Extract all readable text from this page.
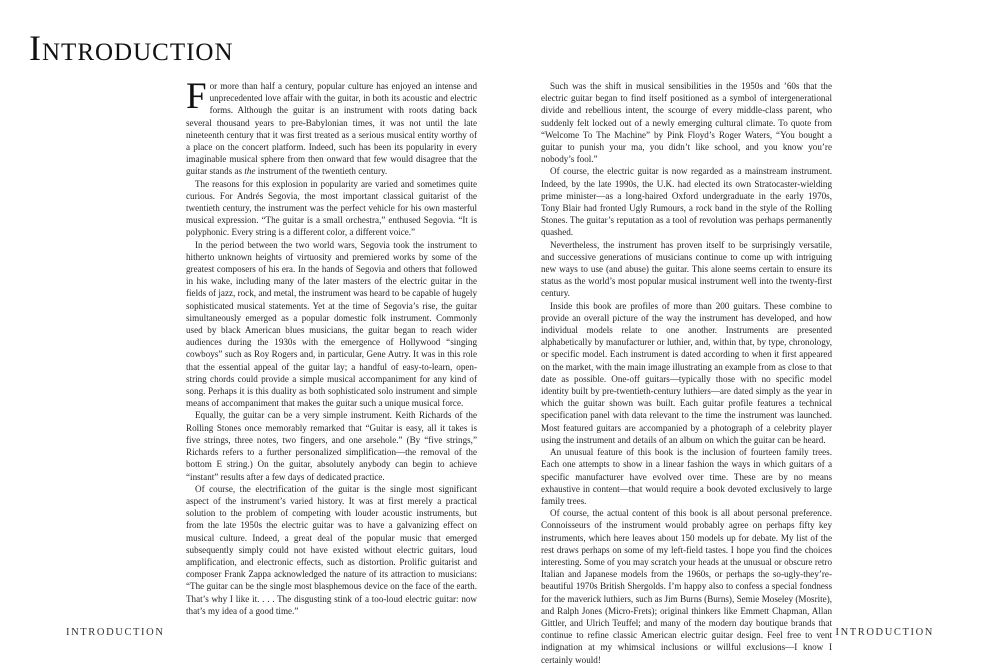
Introduction

For more than half a century, popular culture has enjoyed an intense and unprecedented love affair with the guitar, in both its acoustic and electric forms. Although the guitar is an instrument with roots dating back several thousand years to pre-Babylonian times, it was not until the late nineteenth century that it was first treated as a serious musical entity worthy of a place on the concert platform. Indeed, such has been its popularity in every imaginable musical sphere from then onward that few would disagree that the guitar stands as the instrument of the twentieth century.

The reasons for this explosion in popularity are varied and sometimes quite curious. For Andrés Segovia, the most important classical guitarist of the twentieth century, the instrument was the perfect vehicle for his own masterful musical expression. “The guitar is a small orchestra,” enthused Segovia. “It is polyphonic. Every string is a different color, a different voice.”

In the period between the two world wars, Segovia took the instrument to hitherto unknown heights of virtuosity and premiered works by some of the greatest composers of his era. In the hands of Segovia and others that followed in his wake, including many of the later masters of the electric guitar in the fields of jazz, rock, and metal, the instrument was heard to be capable of hugely sophisticated musical statements. Yet at the time of Segovia’s rise, the guitar simultaneously emerged as a popular domestic folk instrument. Commonly used by black American blues musicians, the guitar began to reach wider audiences during the 1930s with the emergence of Hollywood “singing cowboys” such as Roy Rogers and, in particular, Gene Autry. It was in this role that the essential appeal of the guitar lay; a handful of easy-to-learn, open-string chords could provide a simple musical accompaniment for any kind of song. Perhaps it is this duality as both sophisticated solo instrument and simple means of accompaniment that makes the guitar such a unique musical force.

Equally, the guitar can be a very simple instrument. Keith Richards of the Rolling Stones once memorably remarked that “Guitar is easy, all it takes is five strings, three notes, two fingers, and one arsehole.” (By “five strings,” Richards refers to a further personalized simplification—the removal of the bottom E string.) On the guitar, absolutely anybody can begin to achieve “instant” results after a few days of dedicated practice.

Of course, the electrification of the guitar is the single most significant aspect of the instrument’s varied history. It was at first merely a practical solution to the problem of competing with louder acoustic instruments, but from the late 1950s the electric guitar was to have a galvanizing effect on musical culture. Indeed, a great deal of the popular music that emerged subsequently simply could not have existed without electric guitars, loud amplification, and electronic effects, such as distortion. Prolific guitarist and composer Frank Zappa acknowledged the nature of its attraction to musicians: “The guitar can be the single most blasphemous device on the face of the earth. That’s why I like it. . . . The disgusting stink of a too-loud electric guitar: now that’s my idea of a good time.”

Such was the shift in musical sensibilities in the 1950s and ’60s that the electric guitar began to find itself positioned as a symbol of intergenerational divide and rebellious intent, the scourge of every middle-class parent, who suddenly felt locked out of a newly emerging cultural climate. To quote from “Welcome To The Machine” by Pink Floyd’s Roger Waters, “You bought a guitar to punish your ma, you didn’t like school, and you know you’re nobody’s fool.”

Of course, the electric guitar is now regarded as a mainstream instrument. Indeed, by the late 1990s, the U.K. had elected its own Stratocaster-wielding prime minister—as a long-haired Oxford undergraduate in the early 1970s, Tony Blair had fronted Ugly Rumours, a rock band in the style of the Rolling Stones. The guitar’s reputation as a tool of revolution was perhaps permanently quashed.

Nevertheless, the instrument has proven itself to be surprisingly versatile, and successive generations of musicians continue to come up with intriguing new ways to use (and abuse) the guitar. This alone seems certain to ensure its status as the world’s most popular musical instrument well into the twenty-first century.

Inside this book are profiles of more than 200 guitars. These combine to provide an overall picture of the way the instrument has developed, and how individual models relate to one another. Instruments are presented alphabetically by manufacturer or luthier, and, within that, by type, chronology, or specific model. Each instrument is dated according to when it first appeared on the market, with the main image illustrating an example from as close to that date as possible. One-off guitars—typically those with no specific model identity built by pre-twentieth-century luthiers—are dated simply as the year in which the guitar shown was built. Each guitar profile features a technical specification panel with data relevant to the time the instrument was launched. Most featured guitars are accompanied by a photograph of a celebrity player using the instrument and details of an album on which the guitar can be heard.

An unusual feature of this book is the inclusion of fourteen family trees. Each one attempts to show in a linear fashion the ways in which guitars of a specific manufacturer have evolved over time. These are by no means exhaustive in content—that would require a book devoted exclusively to large family trees.

Of course, the actual content of this book is all about personal preference. Connoisseurs of the instrument would probably agree on perhaps fifty key instruments, which here leaves about 150 models up for debate. My list of the rest draws perhaps on some of my left-field tastes. I hope you find the choices interesting. Some of you may scratch your heads at the unusual or obscure retro Italian and Japanese models from the 1960s, or perhaps the so-ugly-they’re-beautiful 1970s British Shergolds. I’m happy also to confess a special fondness for the maverick luthiers, such as Jim Burns (Burns), Semie Moseley (Mosrite), and Ralph Jones (Micro-Frets); original thinkers like Emmett Chapman, Allan Gittler, and Ulrich Teuffel; and many of the modern day boutique brands that continue to refine classic American electric guitar design. Feel free to vent indignation at my whimsical inclusions or willful exclusions—I know I certainly would!

INTRODUCTION	INTRODUCTION
